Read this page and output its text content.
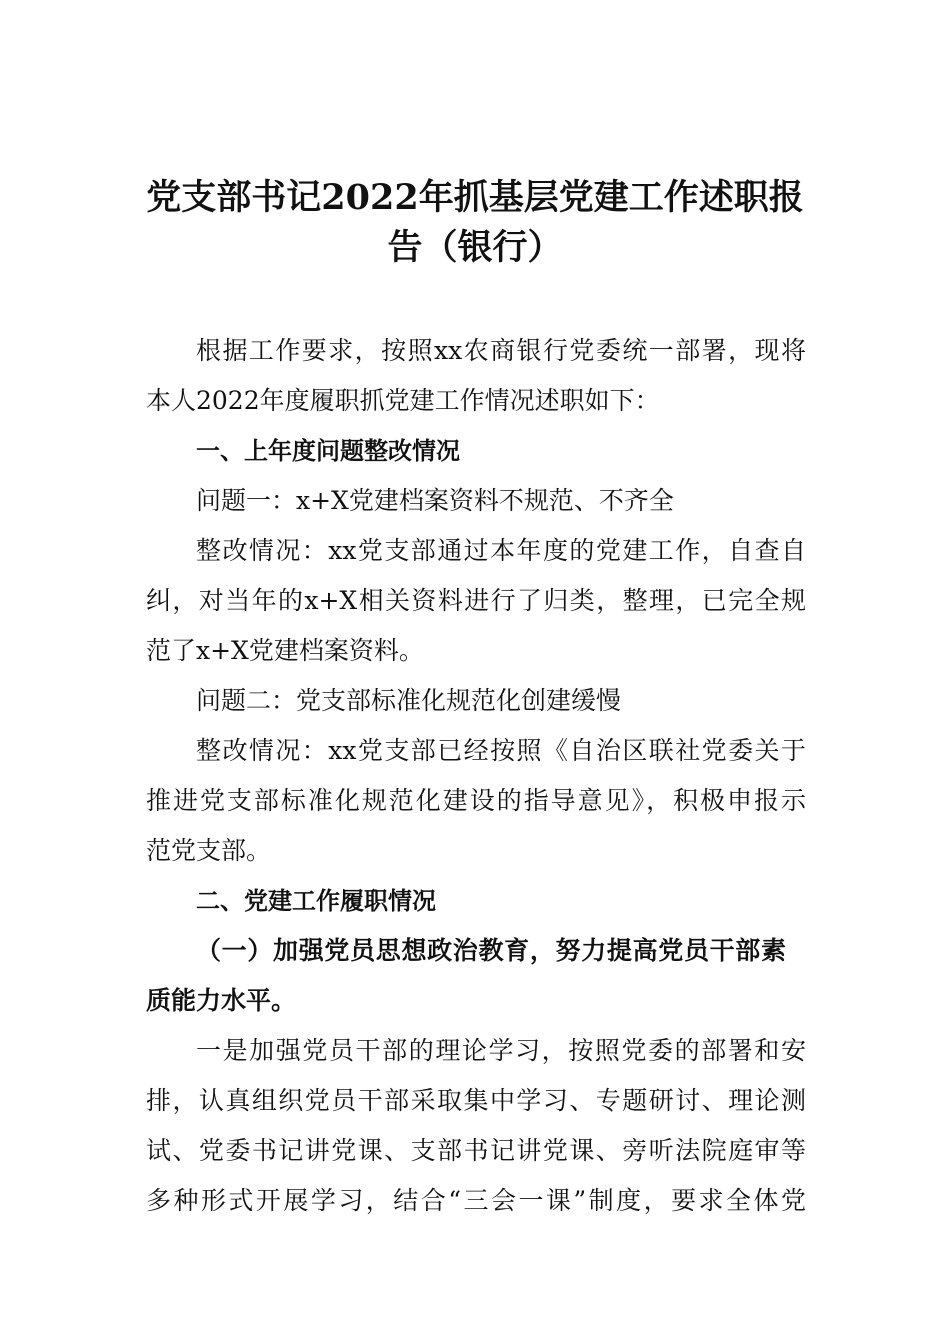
党支部书记2022年抓基层党建工作述职报
告（银行）
根据工作要求，按照xx农商银行党委统一部署，现将
本人2022年度履职抓党建工作情况述职如下：
一、上年度问题整改情况
问题一：x+X党建档案资料不规范、不齐全
整改情况：xx党支部通过本年度的党建工作，自查自
纠，对当年的x+X相关资料进行了归类，整理，已完全规
范了x+X党建档案资料。
问题二：党支部标准化规范化创建缓慢
整改情况：xx党支部已经按照《自治区联社党委关于
推进党支部标准化规范化建设的指导意见》，积极申报示
范党支部。
二、党建工作履职情况
（一）加强党员思想政治教育，努力提高党员干部素
质能力水平。
一是加强党员干部的理论学习，按照党委的部署和安
排，认真组织党员干部采取集中学习、专题研讨、理论测
试、党委书记讲党课、支部书记讲党课、旁听法院庭审等
多种形式开展学习，结合“三会一课”制度，要求全体党
